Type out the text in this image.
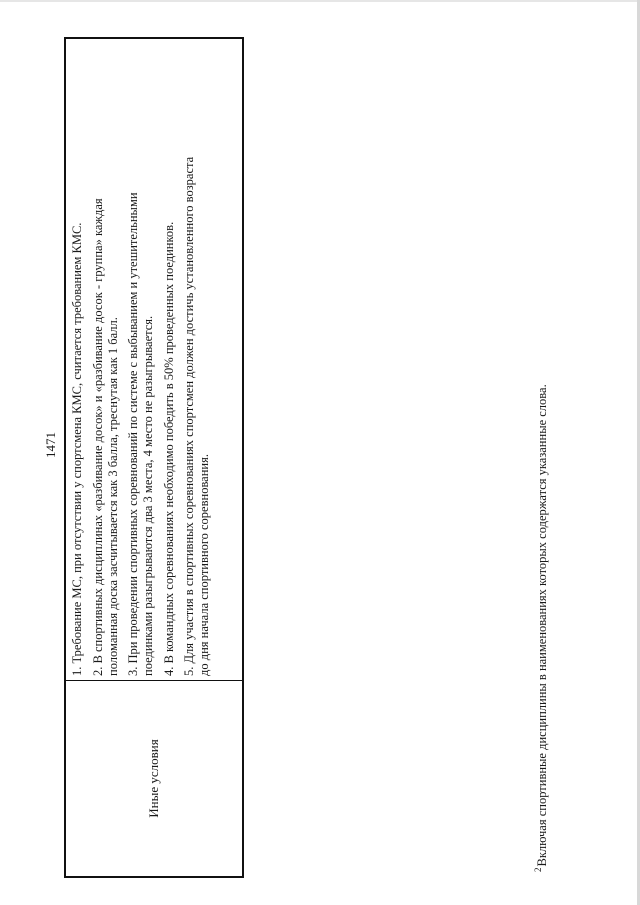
1471
Иные условия

1. Требование МС, при отсутствии у спортсмена КМС, считается требованием КМС. 2. В спортивных дисциплинах «разбивание досок» и «разбивание досок - группа» каждая
поломанная доска засчитывается как 3 балла, треснутая как 1 балл.

3. При проведении спортивных соревнований по системе с выбыванием и утешительными
поединками разыгрываются два 3 места, 4 место не разыгрывается. 4. В командных соревнованиях необходимо победить в 50% проведенных поединков. 5. Для участия в спортивных соревнованиях спортсмен должен достичь установленного возраста
до дня начала спортивного соревнования.

$^2$Включая спортивные дисциплины в наименованиях которых содержатся указанные слова.
